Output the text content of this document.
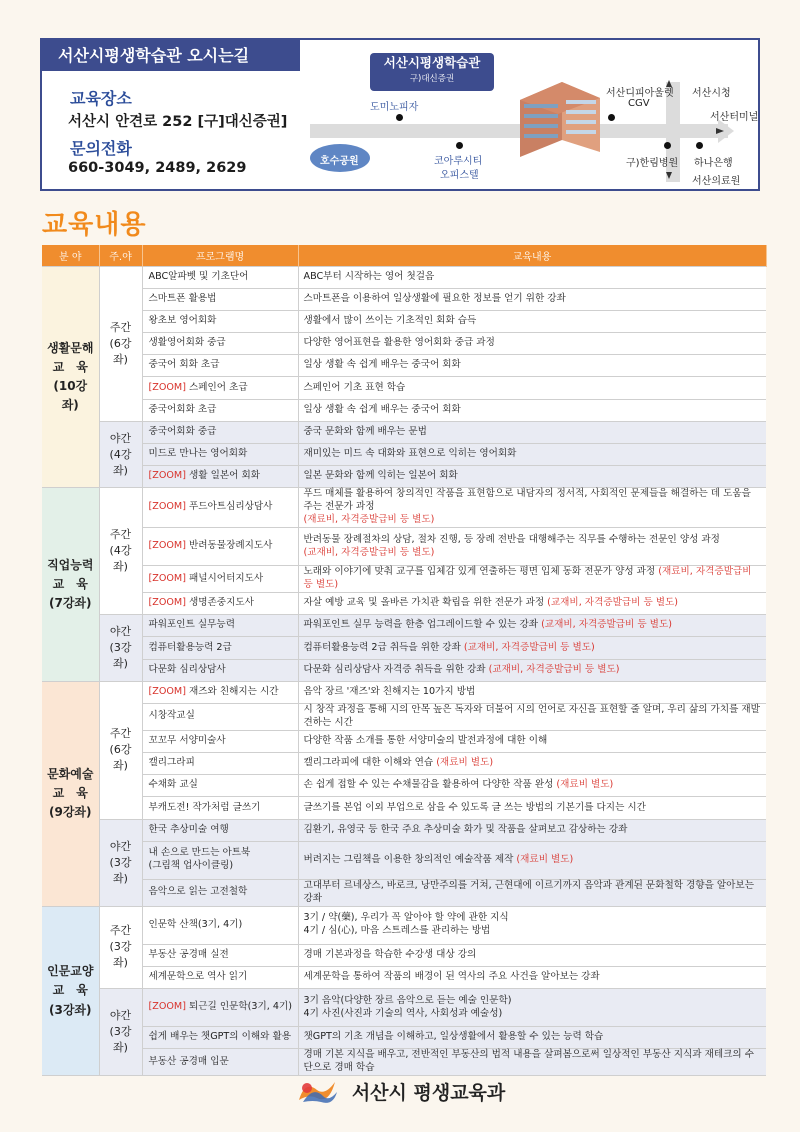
서산시평생학습관 오시는길
교육장소
서산시 안견로 252 [구]대신증권]
문의전화
660-3049, 2489, 2629
서산시평생학습관
구)대신증권
도미노피자
서산디피아울렛
CGV
서산시청
서산터미널
호수공원	코아루시티
오피스텔
구)한림병원 하나은행
서산의료원
교육내용
분 야	주.야	프로그램명	교육내용
생활문해
교　육
(10강좌)	주간
(6강좌)	ABC알파벳 및 기초단어	ABC부터 시작하는 영어 첫걸음
		스마트폰 활용법	스마트폰을 이용하여 일상생활에 필요한 정보를 얻기 위한 강좌
		왕초보 영어회화	생활에서 많이 쓰이는 기초적인 회화 습득
		생활영어회화 중급	다양한 영어표현을 활용한 영어회화 중급 과정
		중국어 회화 초급	일상 생활 속 쉽게 배우는 중국어 회화
		[ZOOM] 스페인어 초급	스페인어 기초 표현 학습
		중국어회화 초급	일상 생활 속 쉽게 배우는 중국어 회화
	야간
(4강좌)	중국어회화 중급	중국 문화와 함께 배우는 문법
		미드로 만나는 영어회화	재미있는 미드 속 대화와 표현으로 익히는 영어회화
		[ZOOM] 생활 일본어 회화	일본 문화와 함께 익히는 일본어 회화
직업능력
교　육
(7강좌)	주간
(4강좌)	[ZOOM] 푸드아트심리상담사	푸드 매체를 활용하여 창의적인 작품을 표현함으로 내담자의 정서적, 사회적인 문제들을 해결하는 데 도움을 주는 전문가 과정
(재료비, 자격증발급비 등 별도)
		[ZOOM] 반려동물장례지도사	반려동물 장례절차의 상담, 절차 진행, 등 장례 전반을 대행해주는 직무를 수행하는 전문인 양성 과정
(교재비, 자격증발급비 등 별도)
		[ZOOM] 패널시어터지도사	노래와 이야기에 맞춰 교구를 입체감 있게 연출하는 평면 입체 동화 전문가 양성 과정 (재료비, 자격증발급비 등 별도)
		[ZOOM] 생명존중지도사	자살 예방 교육 및 올바른 가치관 확립을 위한 전문가 과정 (교재비, 자격증발급비 등 별도)
	야간
(3강좌)	파워포인트 실무능력	파워포인트 실무 능력을 한층 업그레이드할 수 있는 강좌 (교재비, 자격증발급비 등 별도)
		컴퓨터활용능력 2급	컴퓨터활용능력 2급 취득을 위한 강좌 (교재비, 자격증발급비 등 별도)
		다문화 심리상담사	다문화 심리상담사 자격증 취득을 위한 강좌 (교재비, 자격증발급비 등 별도)
문화예술
교　육
(9강좌)	주간
(6강좌)	[ZOOM] 재즈와 친해지는 시간	음악 장르 '재즈'와 친해지는 10가지 방법
		시창작교실	시 창작 과정을 통해 시의 안목 높은 독자와 더불어 시의 언어로 자신을 표현할 줄 알며, 우리 삶의 가치를 재발견하는 시간
		꼬꼬무 서양미술사	다양한 작품 소개를 통한 서양미술의 발전과정에 대한 이해
		캘리그라피	캘리그라피에 대한 이해와 연습 (재료비 별도)
		수채화 교실	손 쉽게 접할 수 있는 수채물감을 활용하여 다양한 작품 완성 (재료비 별도)
		부캐도전! 작가처럼 글쓰기	글쓰기를 본업 이외 부업으로 삼을 수 있도록 글 쓰는 방법의 기본기를 다지는 시간
	야간
(3강좌)	한국 추상미술 여행	김환기, 유영국 등 한국 주요 추상미술 화가 및 작품을 살펴보고 감상하는 강좌
		내 손으로 만드는 아트북
(그림책 업사이클링)	버려지는 그림책을 이용한 창의적인 예술작품 제작 (재료비 별도)
		음악으로 읽는 고전철학	고대부터 르네상스, 바로크, 낭만주의를 거쳐, 근현대에 이르기까지 음악과 관계된 문화철학 경향을 알아보는 강좌
인문교양
교　육
(3강좌)	주간
(3강좌)	인문학 산책(3기, 4기)	3기 / 약(藥), 우리가 꼭 알아야 할 약에 관한 지식
4기 / 심(心), 마음 스트레스를 관리하는 방법
		부동산 공경매 실전	경매 기본과정을 학습한 수강생 대상 강의
		세계문학으로 역사 읽기	세계문학을 통하여 작품의 배경이 된 역사의 주요 사건을 알아보는 강좌
	야간
(3강좌)	[ZOOM] 퇴근길 인문학(3기, 4기)	3기 음악(다양한 장르 음악으로 듣는 예술 인문학)
4기 사진(사진과 기술의 역사, 사회성과 예술성)
		쉽게 배우는 챗GPT의 이해와 활용	챗GPT의 기초 개념을 이해하고, 일상생활에서 활용할 수 있는 능력 학습
		부동산 공경매 입문	경매 기본 지식을 배우고, 전반적인 부동산의 법적 내용을 살펴봄으로써 일상적인 부동산 지식과 재테크의 수단으로 경매 학습
서산시 평생교육과
